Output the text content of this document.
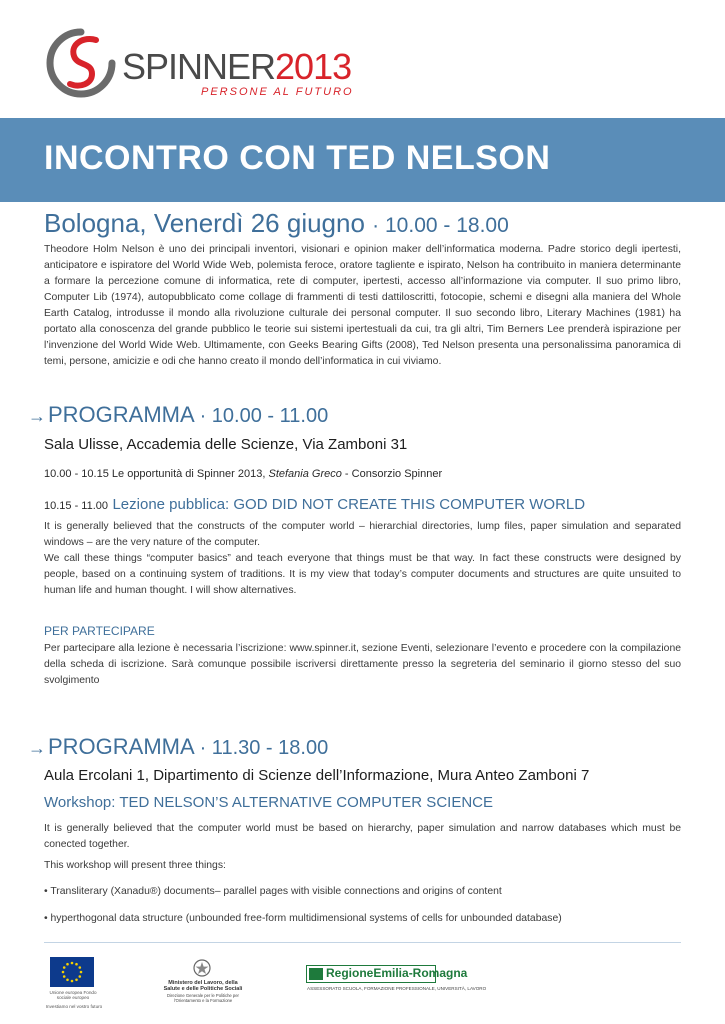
SPINNER2013
PERSONE AL FUTURO
INCONTRO CON TED NELSON
Bologna, Venerdì 26 giugno · 10.00 - 18.00

Theodore Holm Nelson è uno dei principali inventori, visionari e opinion maker dell’informatica moderna. Padre storico degli ipertesti, anticipatore e ispiratore del World Wide Web, polemista feroce, oratore tagliente e ispirato, Nelson ha contribuito in maniera determinante a formare la percezione comune di informatica, rete di computer, ipertesti, accesso all’informazione via computer. Il suo primo libro, Computer Lib (1974), autopubblicato come collage di frammenti di testi dattiloscritti, fotocopie, schemi e disegni alla maniera del Whole Earth Catalog, introdusse il mondo alla rivoluzione culturale dei personal computer. Il suo secondo libro, Literary Machines (1981) ha portato alla conoscenza del grande pubblico le teorie sui sistemi ipertestuali da cui, tra gli altri, Tim Berners Lee prenderà ispirazione per l’invenzione del World Wide Web. Ultimamente, con Geeks Bearing Gifts (2008), Ted Nelson presenta una personalissima panoramica di temi, persone, amicizie e odi che hanno creato il mondo dell’informatica in cui viviamo.

→PROGRAMMA · 10.00 - 11.00
Sala Ulisse, Accademia delle Scienze, Via Zamboni 31
10.00 - 10.15 Le opportunità di Spinner 2013, Stefania Greco - Consorzio Spinner
10.15 - 11.00 Lezione pubblica: GOD DID NOT CREATE THIS COMPUTER WORLD

It is generally believed that the constructs of the computer world – hierarchial directories, lump files, paper simulation and separated windows – are the very nature of the computer.

We call these things “computer basics” and teach everyone that things must be that way. In fact these constructs were designed by people, based on a continuing system of traditions. It is my view that today’s computer documents and structures are quite unsuited to human life and human thought. I will show alternatives.

PER PARTECIPARE

Per partecipare alla lezione è necessaria l’iscrizione: www.spinner.it, sezione Eventi, selezionare l’evento e procedere con la compilazione della scheda di iscrizione. Sarà comunque possibile iscriversi direttamente presso la segreteria del seminario il giorno stesso del suo svolgimento

→PROGRAMMA · 11.30 - 18.00
Aula Ercolani 1, Dipartimento di Scienze dell’Informazione, Mura Anteo Zamboni 7
Workshop: TED NELSON’S ALTERNATIVE COMPUTER SCIENCE

It is generally believed that the computer world must be based on hierarchy, paper simulation and narrow databases which must be conected together.

This workshop will present three things:

• Transliterary (Xanadu®) documents– parallel pages with visible connections and origins of content

• hyperthogonal data structure (unbounded free-form multidimensional systems of cells for unbounded database)

Unione europea Fondo sociale europeo
Investiamo nel vostro futuro
Ministero del Lavoro, della Salute e delle Politiche Sociali
Direzione Generale per le Politiche per l’Orientamento e la Formazione
RegioneEmilia-Romagna
ASSESSORATO SCUOLA, FORMAZIONE PROFESSIONALE, UNIVERSITÀ, LAVORO
